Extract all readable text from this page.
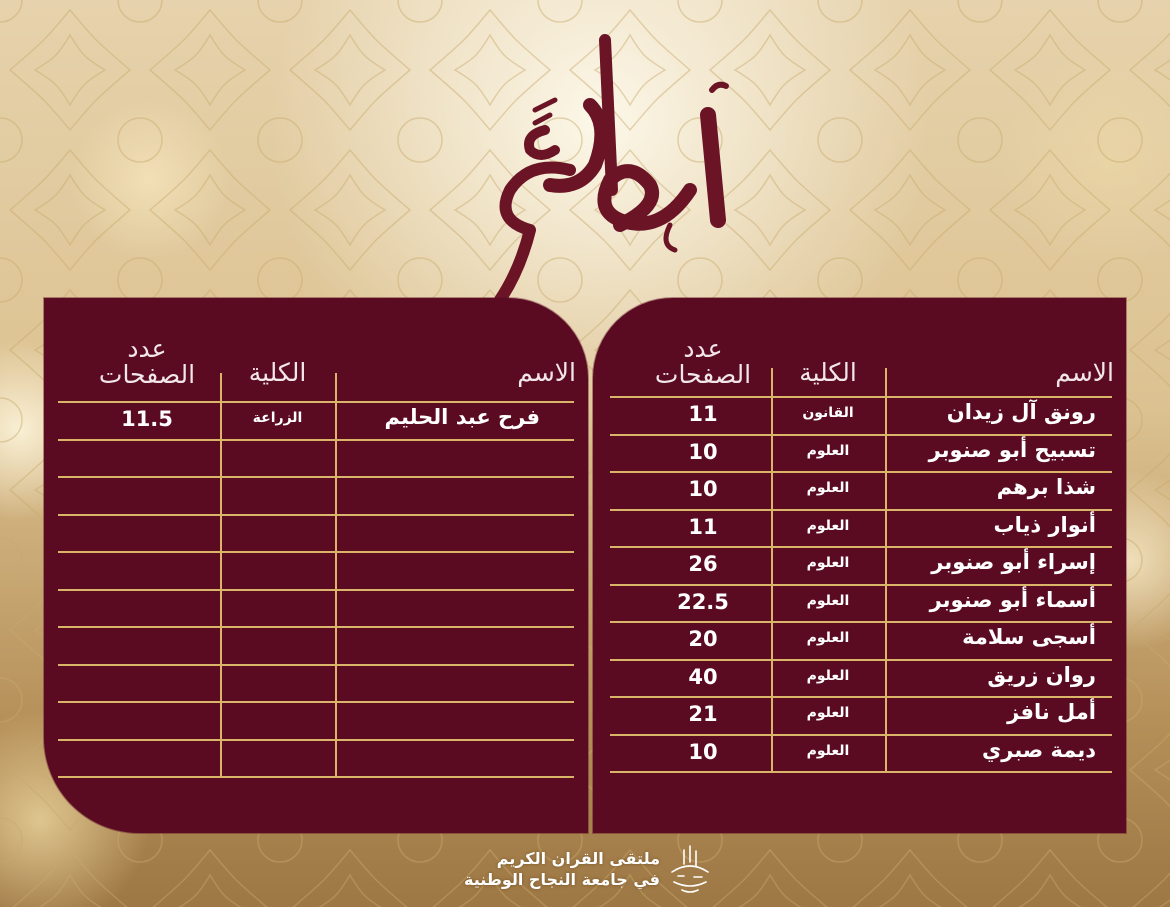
الاسم
الكلية
عدد
الصفحات
فرح عبد الحليم
الزراعة
11.5
الاسم
الكلية
عدد
الصفحات
رونق آل زيدان
القانون
11
تسبيح أبو صنوبر
العلوم
10
شذا برهم
العلوم
10
أنوار ذياب
العلوم
11
إسراء أبو صنوبر
العلوم
26
أسماء أبو صنوبر
العلوم
22.5
أسجى سلامة
العلوم
20
روان زريق
العلوم
40
أمل نافز
العلوم
21
ديمة صبري
العلوم
10
ملتقى القران الكريم
في جامعة النجاح الوطنية
